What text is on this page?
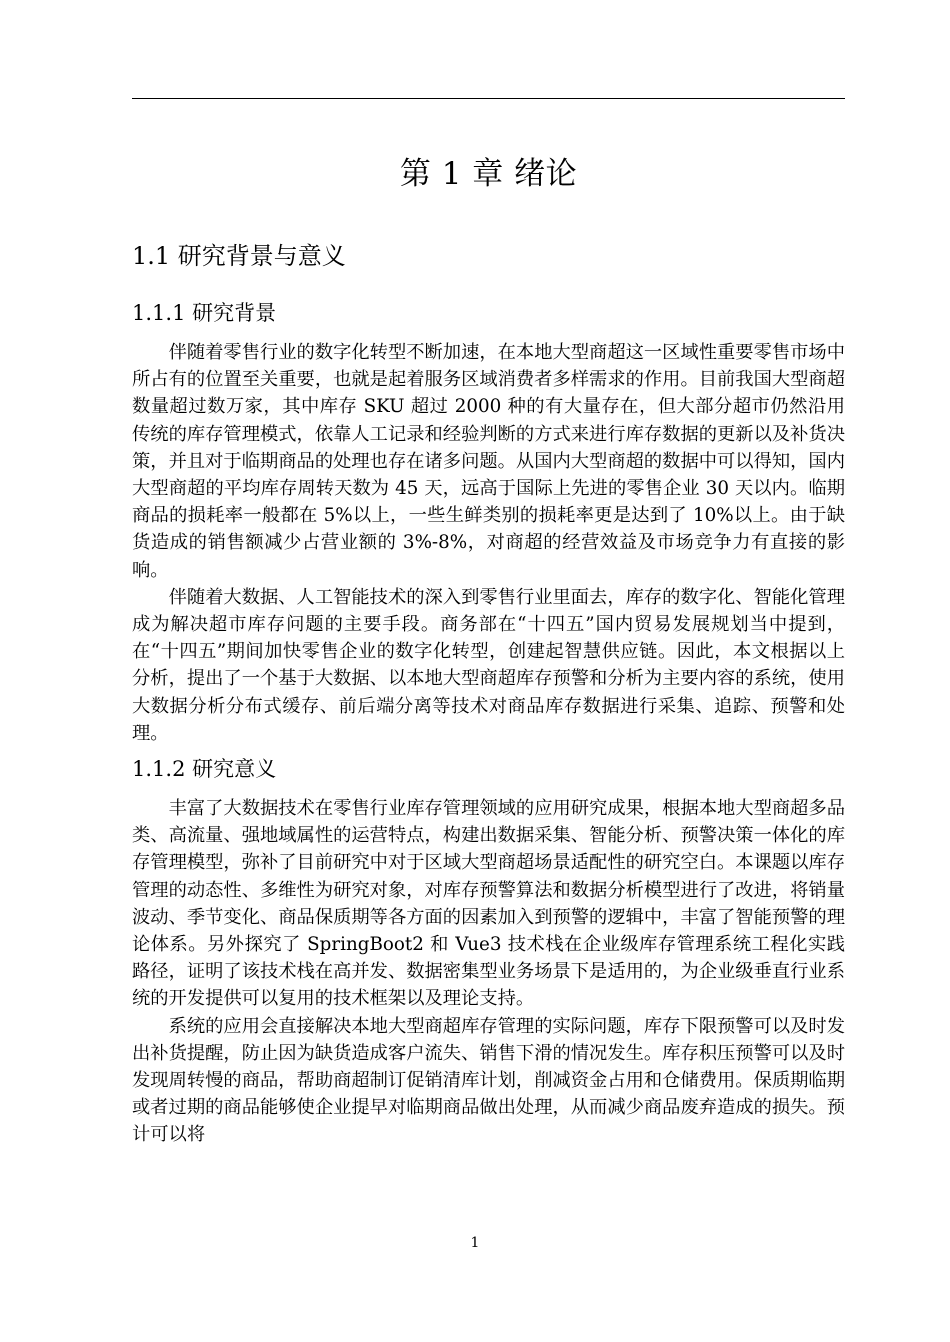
第 1 章 绪论
1.1 研究背景与意义
1.1.1 研究背景

伴随着零售行业的数字化转型不断加速，在本地大型商超这一区域性重要零售市场中所占有的位置至关重要，也就是起着服务区域消费者多样需求的作用。目前我国大型商超数量超过数万家，其中库存 SKU 超过 2000 种的有大量存在，但大部分超市仍然沿用传统的库存管理模式，依靠人工记录和经验判断的方式来进行库存数据的更新以及补货决策，并且对于临期商品的处理也存在诸多问题。从国内大型商超的数据中可以得知，国内大型商超的平均库存周转天数为 45 天，远高于国际上先进的零售企业 30 天以内。临期商品的损耗率一般都在 5%以上，一些生鲜类别的损耗率更是达到了 10%以上。由于缺货造成的销售额减少占营业额的 3%-8%，对商超的经营效益及市场竞争力有直接的影响。

伴随着大数据、人工智能技术的深入到零售行业里面去，库存的数字化、智能化管理成为解决超市库存问题的主要手段。商务部在“十四五”国内贸易发展规划当中提到，在“十四五”期间加快零售企业的数字化转型，创建起智慧供应链。因此，本文根据以上分析，提出了一个基于大数据、以本地大型商超库存预警和分析为主要内容的系统，使用大数据分析分布式缓存、前后端分离等技术对商品库存数据进行采集、追踪、预警和处理。

1.1.2 研究意义

丰富了大数据技术在零售行业库存管理领域的应用研究成果，根据本地大型商超多品类、高流量、强地域属性的运营特点，构建出数据采集、智能分析、预警决策一体化的库存管理模型，弥补了目前研究中对于区域大型商超场景适配性的研究空白。本课题以库存管理的动态性、多维性为研究对象，对库存预警算法和数据分析模型进行了改进，将销量波动、季节变化、商品保质期等各方面的因素加入到预警的逻辑中，丰富了智能预警的理论体系。另外探究了 SpringBoot2 和 Vue3 技术栈在企业级库存管理系统工程化实践路径，证明了该技术栈在高并发、数据密集型业务场景下是适用的，为企业级垂直行业系统的开发提供可以复用的技术框架以及理论支持。

系统的应用会直接解决本地大型商超库存管理的实际问题，库存下限预警可以及时发出补货提醒，防止因为缺货造成客户流失、销售下滑的情况发生。库存积压预警可以及时发现周转慢的商品，帮助商超制订促销清库计划，削减资金占用和仓储费用。保质期临期或者过期的商品能够使企业提早对临期商品做出处理，从而减少商品废弃造成的损失。预计可以将

1
